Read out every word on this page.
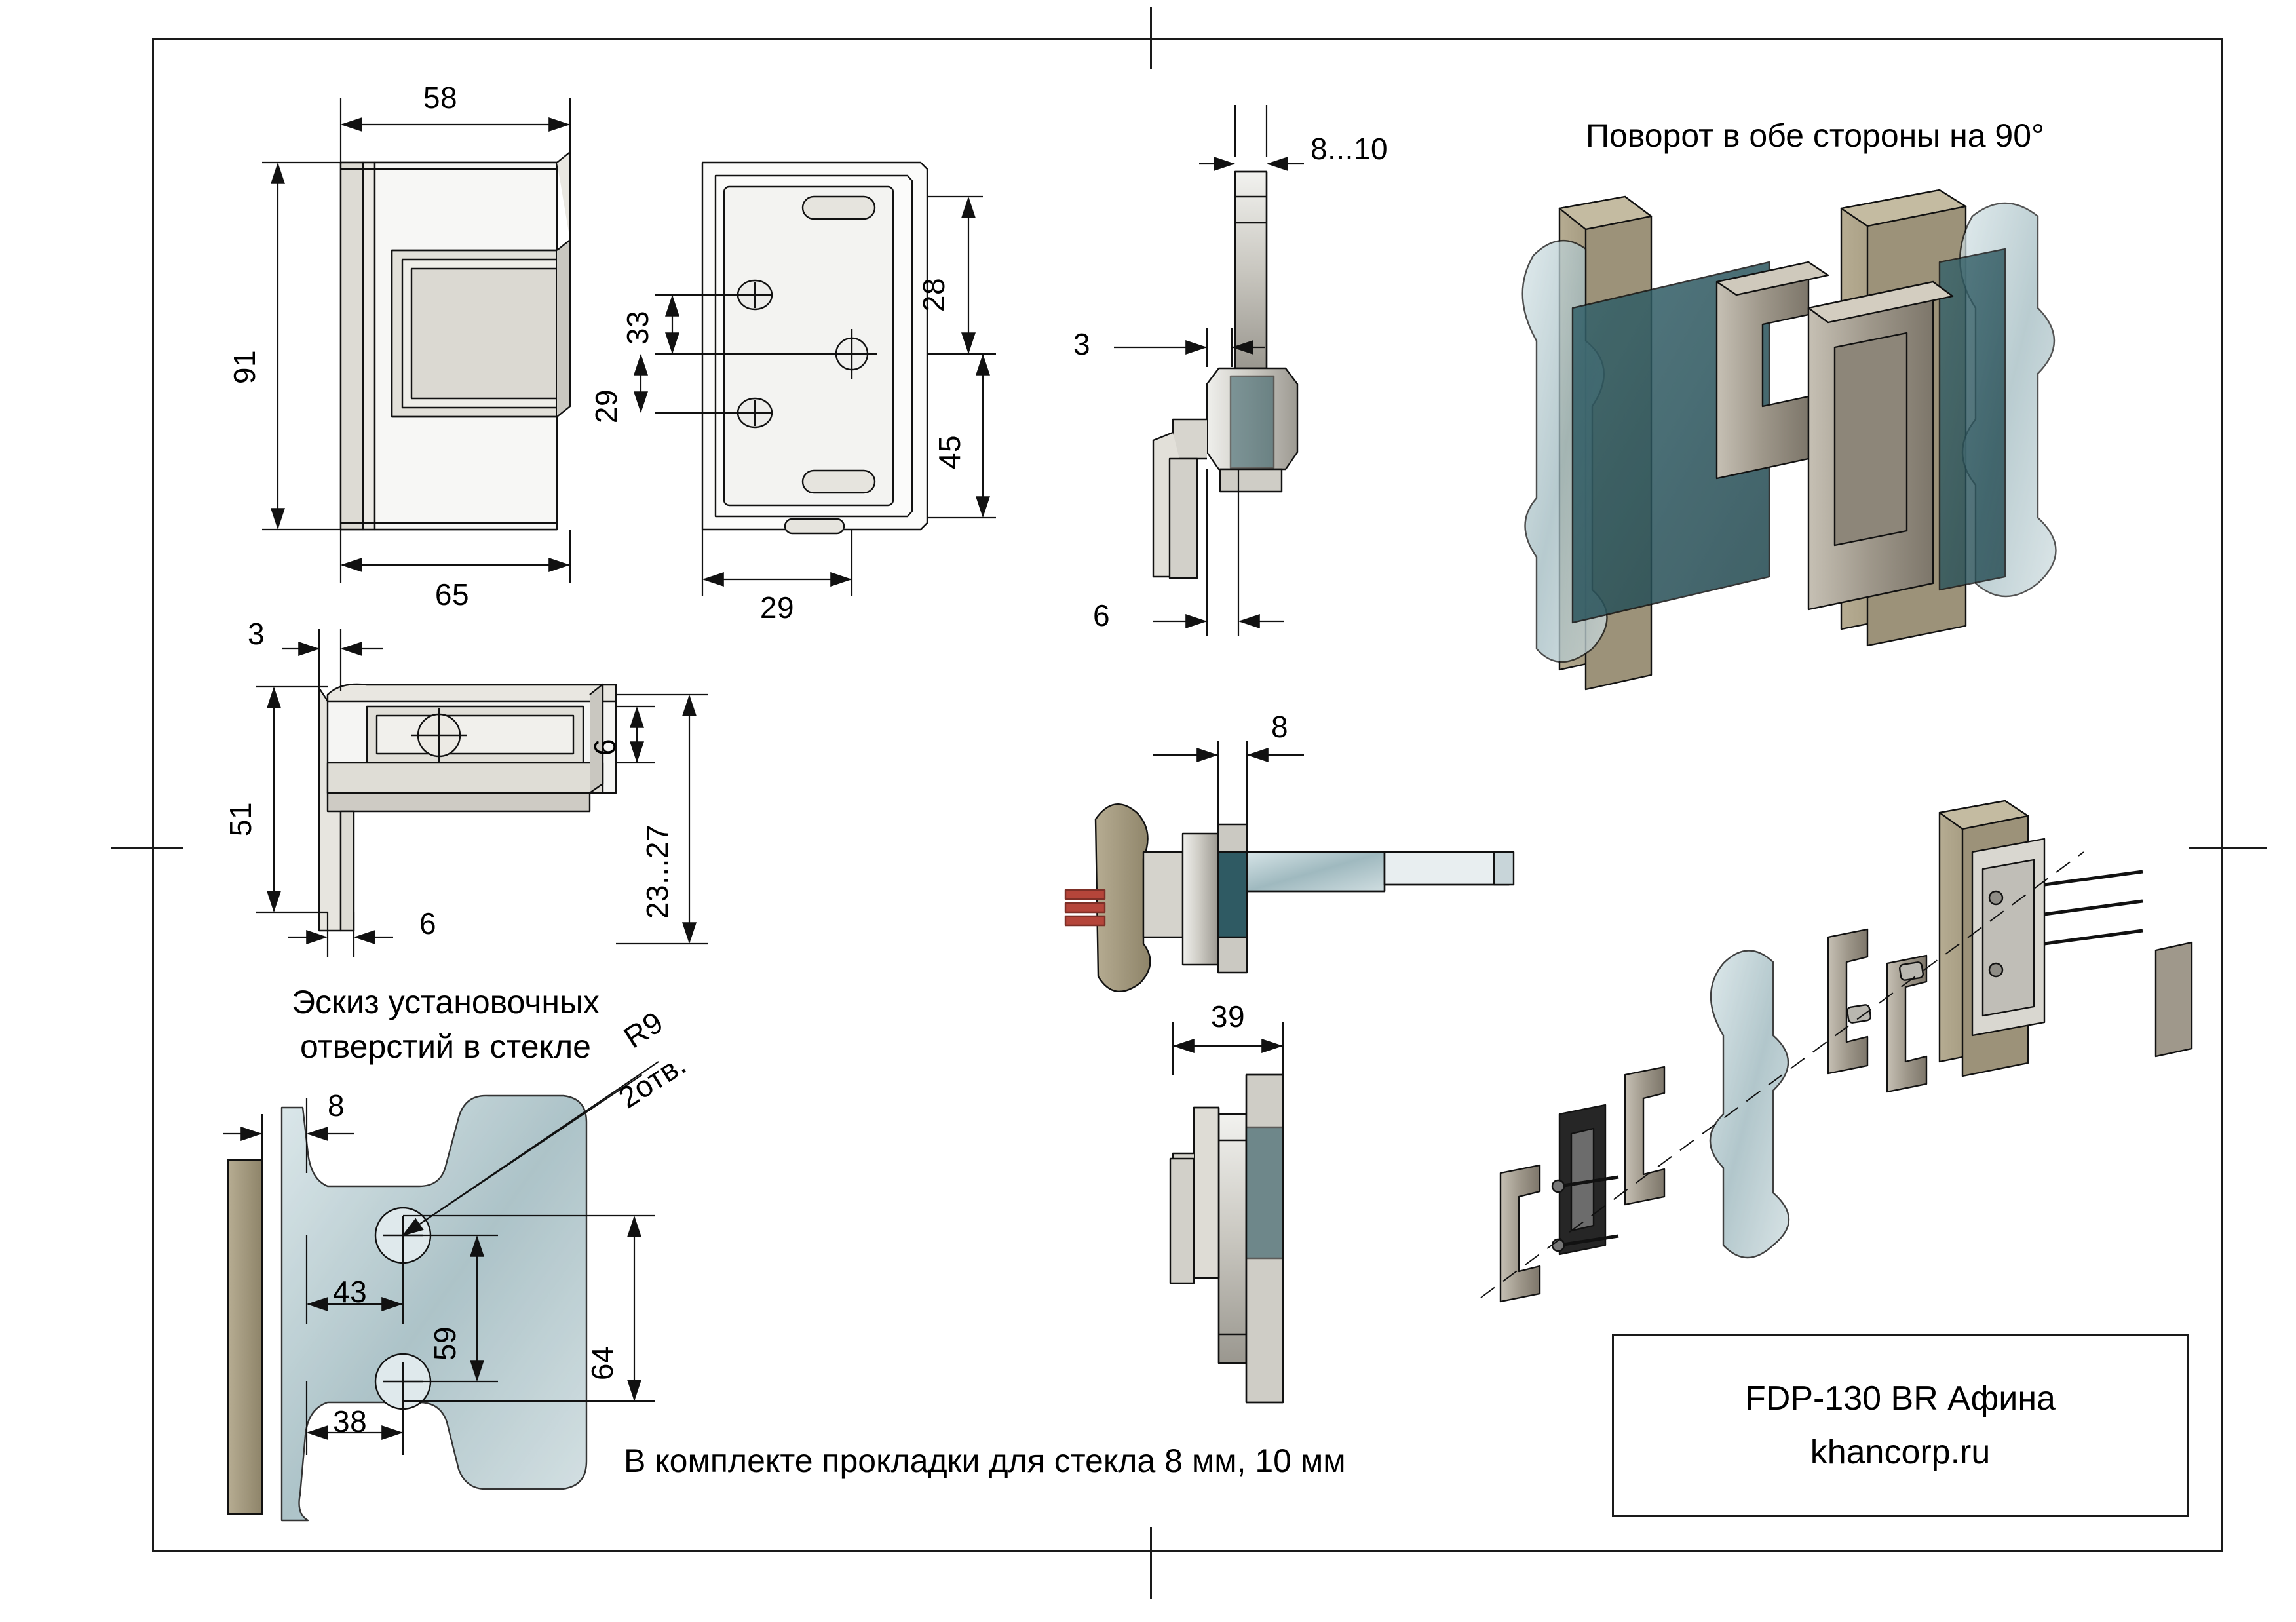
58
91
65
33
29
28
45
29
3
51
6
6
23...27
8...10
3
6
8
39
8
R9
2отв.
43
59
64
38
Поворот в обе стороны на 90°
Эскиз установочных
отверстий в стекле
В комплекте прокладки для стекла 8 мм, 10 мм
FDP-130 BR Афина
khancorp.ru
